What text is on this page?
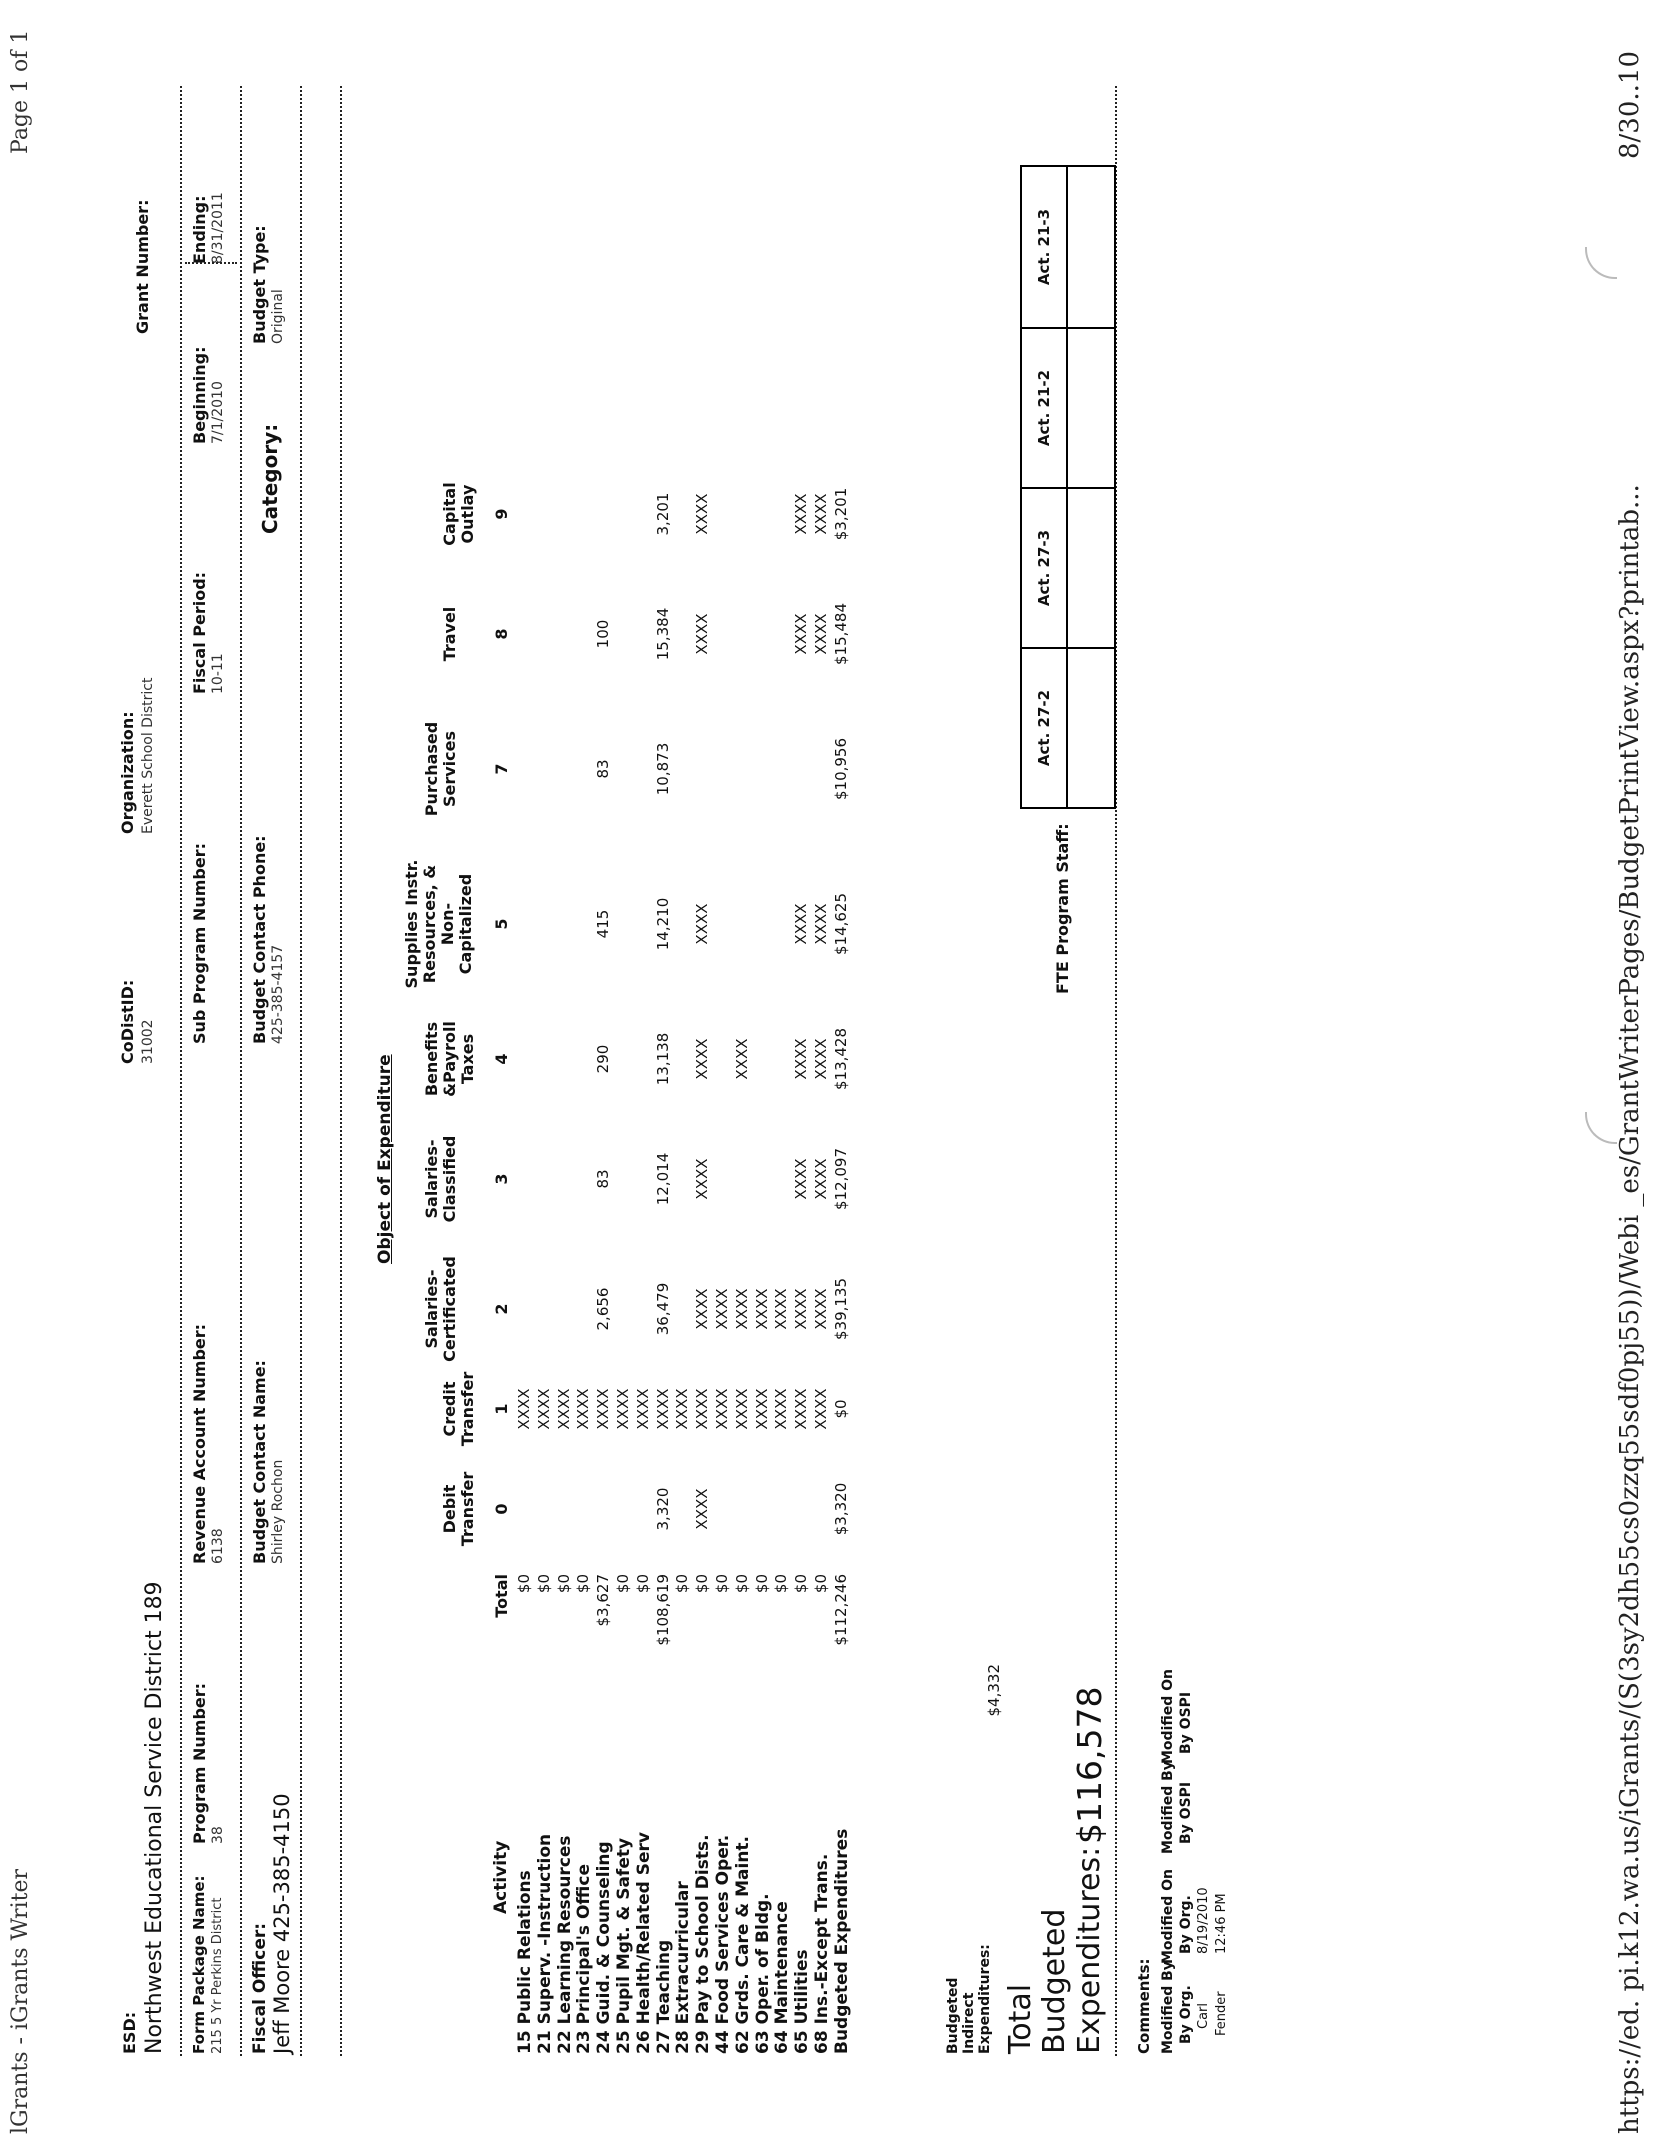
lGrants - iGrants Writer
Page 1 of 1
https://ed. pi.k12.wa.us/iGrants/(S(3sy2dh55cs0zzq55sdf0pj55))/Webi _es/GrantWriterPages/BudgetPrintView.aspx?printab...
8/30..10
ESD: Northwest Educational Service District 189
CoDistID: 31002
Organization: Everett School District
Grant Number:
Form Package Name: 215 5 Yr Perkins District
Program Number: 38
Revenue Account Number: 6138
Sub Program Number:
Fiscal Period: 10-11
Beginning: 7/1/2010
Ending: 8/31/2011
Fiscal Officer: Jeff Moore 425-385-4150
Budget Contact Name: Shirley Rochon
Budget Contact Phone: 425-385-4157
Category:
Budget Type: Original
Object of Expenditure
Activity
Total
Debit Transfer 0
Credit Transfer 1
Salaries- Certificated 2
Salaries- Classified 3
Benefits &Payroll Taxes 4
Supplies Instr. Resources, & Non-Capitalized 5
Purchased Services 7
Travel 8
Capital Outlay 9
15 Public Relations
$0
XXXX
21 Superv. -Instruction
$0
XXXX
22 Learning Resources
$0
XXXX
23 Principal's Office
$0
XXXX
24 Guid. & Counseling
$3,627
XXXX
2,656
83
290
415
83
100
25 Pupil Mgt. & Safety
$0
XXXX
26 Health/Related Serv
$0
XXXX
27 Teaching
$108,619
3,320
XXXX
36,479
12,014
13,138
14,210
10,873
15,384
3,201
28 Extracurricular
$0
XXXX
29 Pay to School Dists.
$0
XXXX
XXXX
XXXX
XXXX
XXXX
XXXX
XXXX
XXXX
44 Food Services Oper.
$0
XXXX
XXXX
62 Grds. Care & Maint.
$0
XXXX
XXXX
XXXX
63 Oper. of Bldg.
$0
XXXX
XXXX
64 Maintenance
$0
XXXX
XXXX
65 Utilities
$0
XXXX
XXXX
XXXX
XXXX
XXXX
XXXX
XXXX
68 Ins.-Except Trans.
$0
XXXX
XXXX
XXXX
XXXX
XXXX
XXXX
XXXX
Budgeted Expenditures
$112,246
$3,320
$0
$39,135
$12,097
$13,428
$14,625
$10,956
$15,484
$3,201
Budgeted Indirect Expenditures:
$4,332
Total Budgeted Expenditures:
$116,578
FTE Program Staff:
Act. 27-2
Act. 27-3
Act. 21-2
Act. 21-3
Comments: Modified By By Org. Carl Fender
Modified On By Org. 8/19/2010 12:46 PM
Modified By By OSPI
Modified On By OSPI
